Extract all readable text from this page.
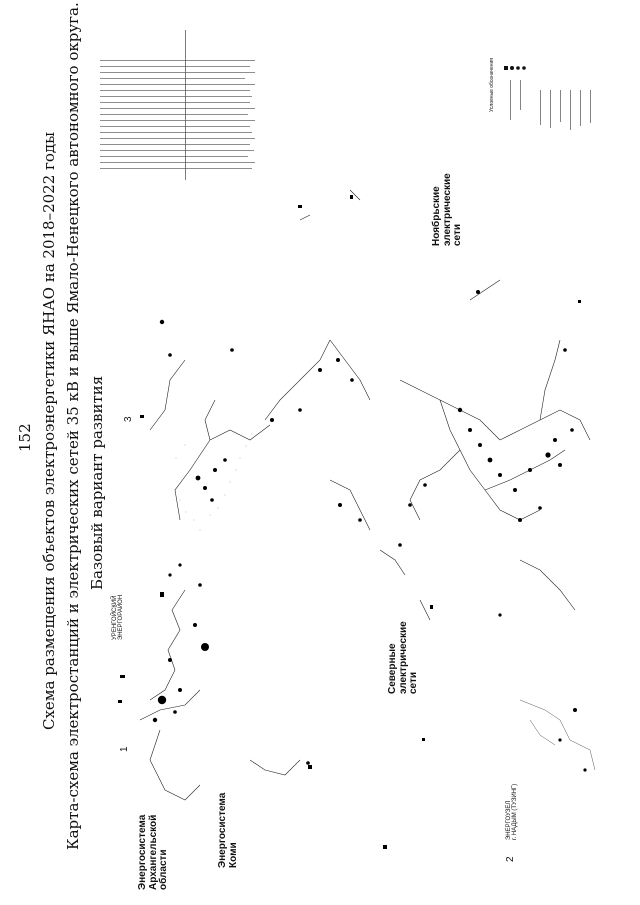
152 Схема размещения объектов электроэнергетики ЯНАО на 2018–2022 годы Карта-схема электростанций и электрических сетей 35 кВ и выше Ямало-Ненецкого автономного округа. Базовый вариант развития
Энергосистема
Архангельской
области
Энергосистема
Коми
Северные
электрические
сети
Ноябрьские
электрические
сети
УРЕНГОЙСКИЙ
ЭНЕРГОРАЙОН
ЭНЕРГОУЗЕЛ
г. НАДЫМ (ТУЗИНГ)
1
2
3
Условные обозначения
